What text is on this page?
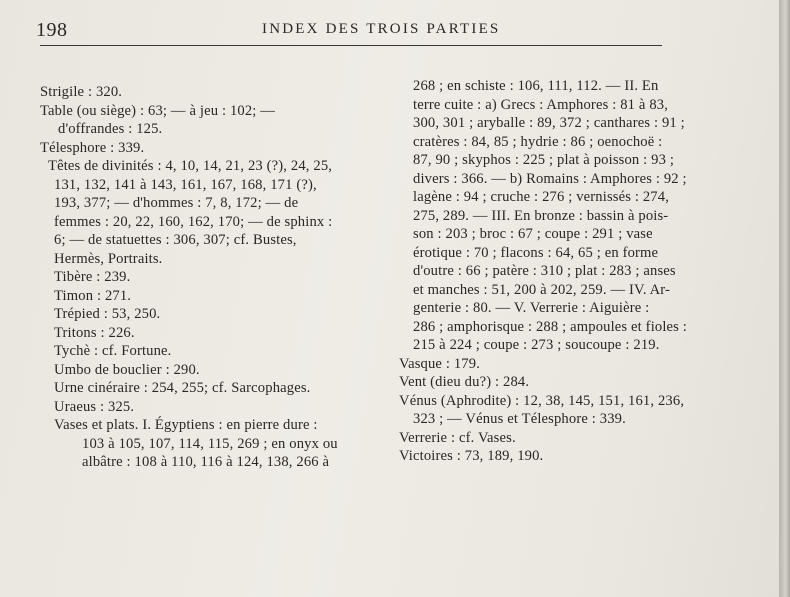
198	INDEX DES TROIS PARTIES
Strigile : 320.
Table (ou siège) : 63; — à jeu : 102; —
d'offrandes : 125.
Télesphore : 339.
Têtes de divinités : 4, 10, 14, 21, 23 (?), 24, 25,
131, 132, 141 à 143, 161, 167, 168, 171 (?),
193, 377; — d'hommes : 7, 8, 172; — de
femmes : 20, 22, 160, 162, 170; — de sphinx :
6; — de statuettes : 306, 307; cf. Bustes,
Hermès, Portraits.
Tibère : 239.
Timon : 271.
Trépied : 53, 250.
Tritons : 226.
Tychè : cf. Fortune.
Umbo de bouclier : 290.
Urne cinéraire : 254, 255; cf. Sarcophages.
Uraeus : 325.
Vases et plats. I. Égyptiens : en pierre dure :
103 à 105, 107, 114, 115, 269 ; en onyx ou
albâtre : 108 à 110, 116 à 124, 138, 266 à
268 ; en schiste : 106, 111, 112. — II. En
terre cuite : a) Grecs : Amphores : 81 à 83,
300, 301 ; aryballe : 89, 372 ; canthares : 91 ;
cratères : 84, 85 ; hydrie : 86 ; oenochoë :
87, 90 ; skyphos : 225 ; plat à poisson : 93 ;
divers : 366. — b) Romains : Amphores : 92 ;
lagène : 94 ; cruche : 276 ; vernissés : 274,
275, 289. — III. En bronze : bassin à pois-
son : 203 ; broc : 67 ; coupe : 291 ; vase
érotique : 70 ; flacons : 64, 65 ; en forme
d'outre : 66 ; patère : 310 ; plat : 283 ; anses
et manches : 51, 200 à 202, 259. — IV. Ar-
genterie : 80. — V. Verrerie : Aiguière :
286 ; amphorisque : 288 ; ampoules et fioles :
215 à 224 ; coupe : 273 ; soucoupe : 219.
Vasque : 179.
Vent (dieu du?) : 284.
Vénus (Aphrodite) : 12, 38, 145, 151, 161, 236,
323 ; — Vénus et Télesphore : 339.
Verrerie : cf. Vases.
Victoires : 73, 189, 190.
